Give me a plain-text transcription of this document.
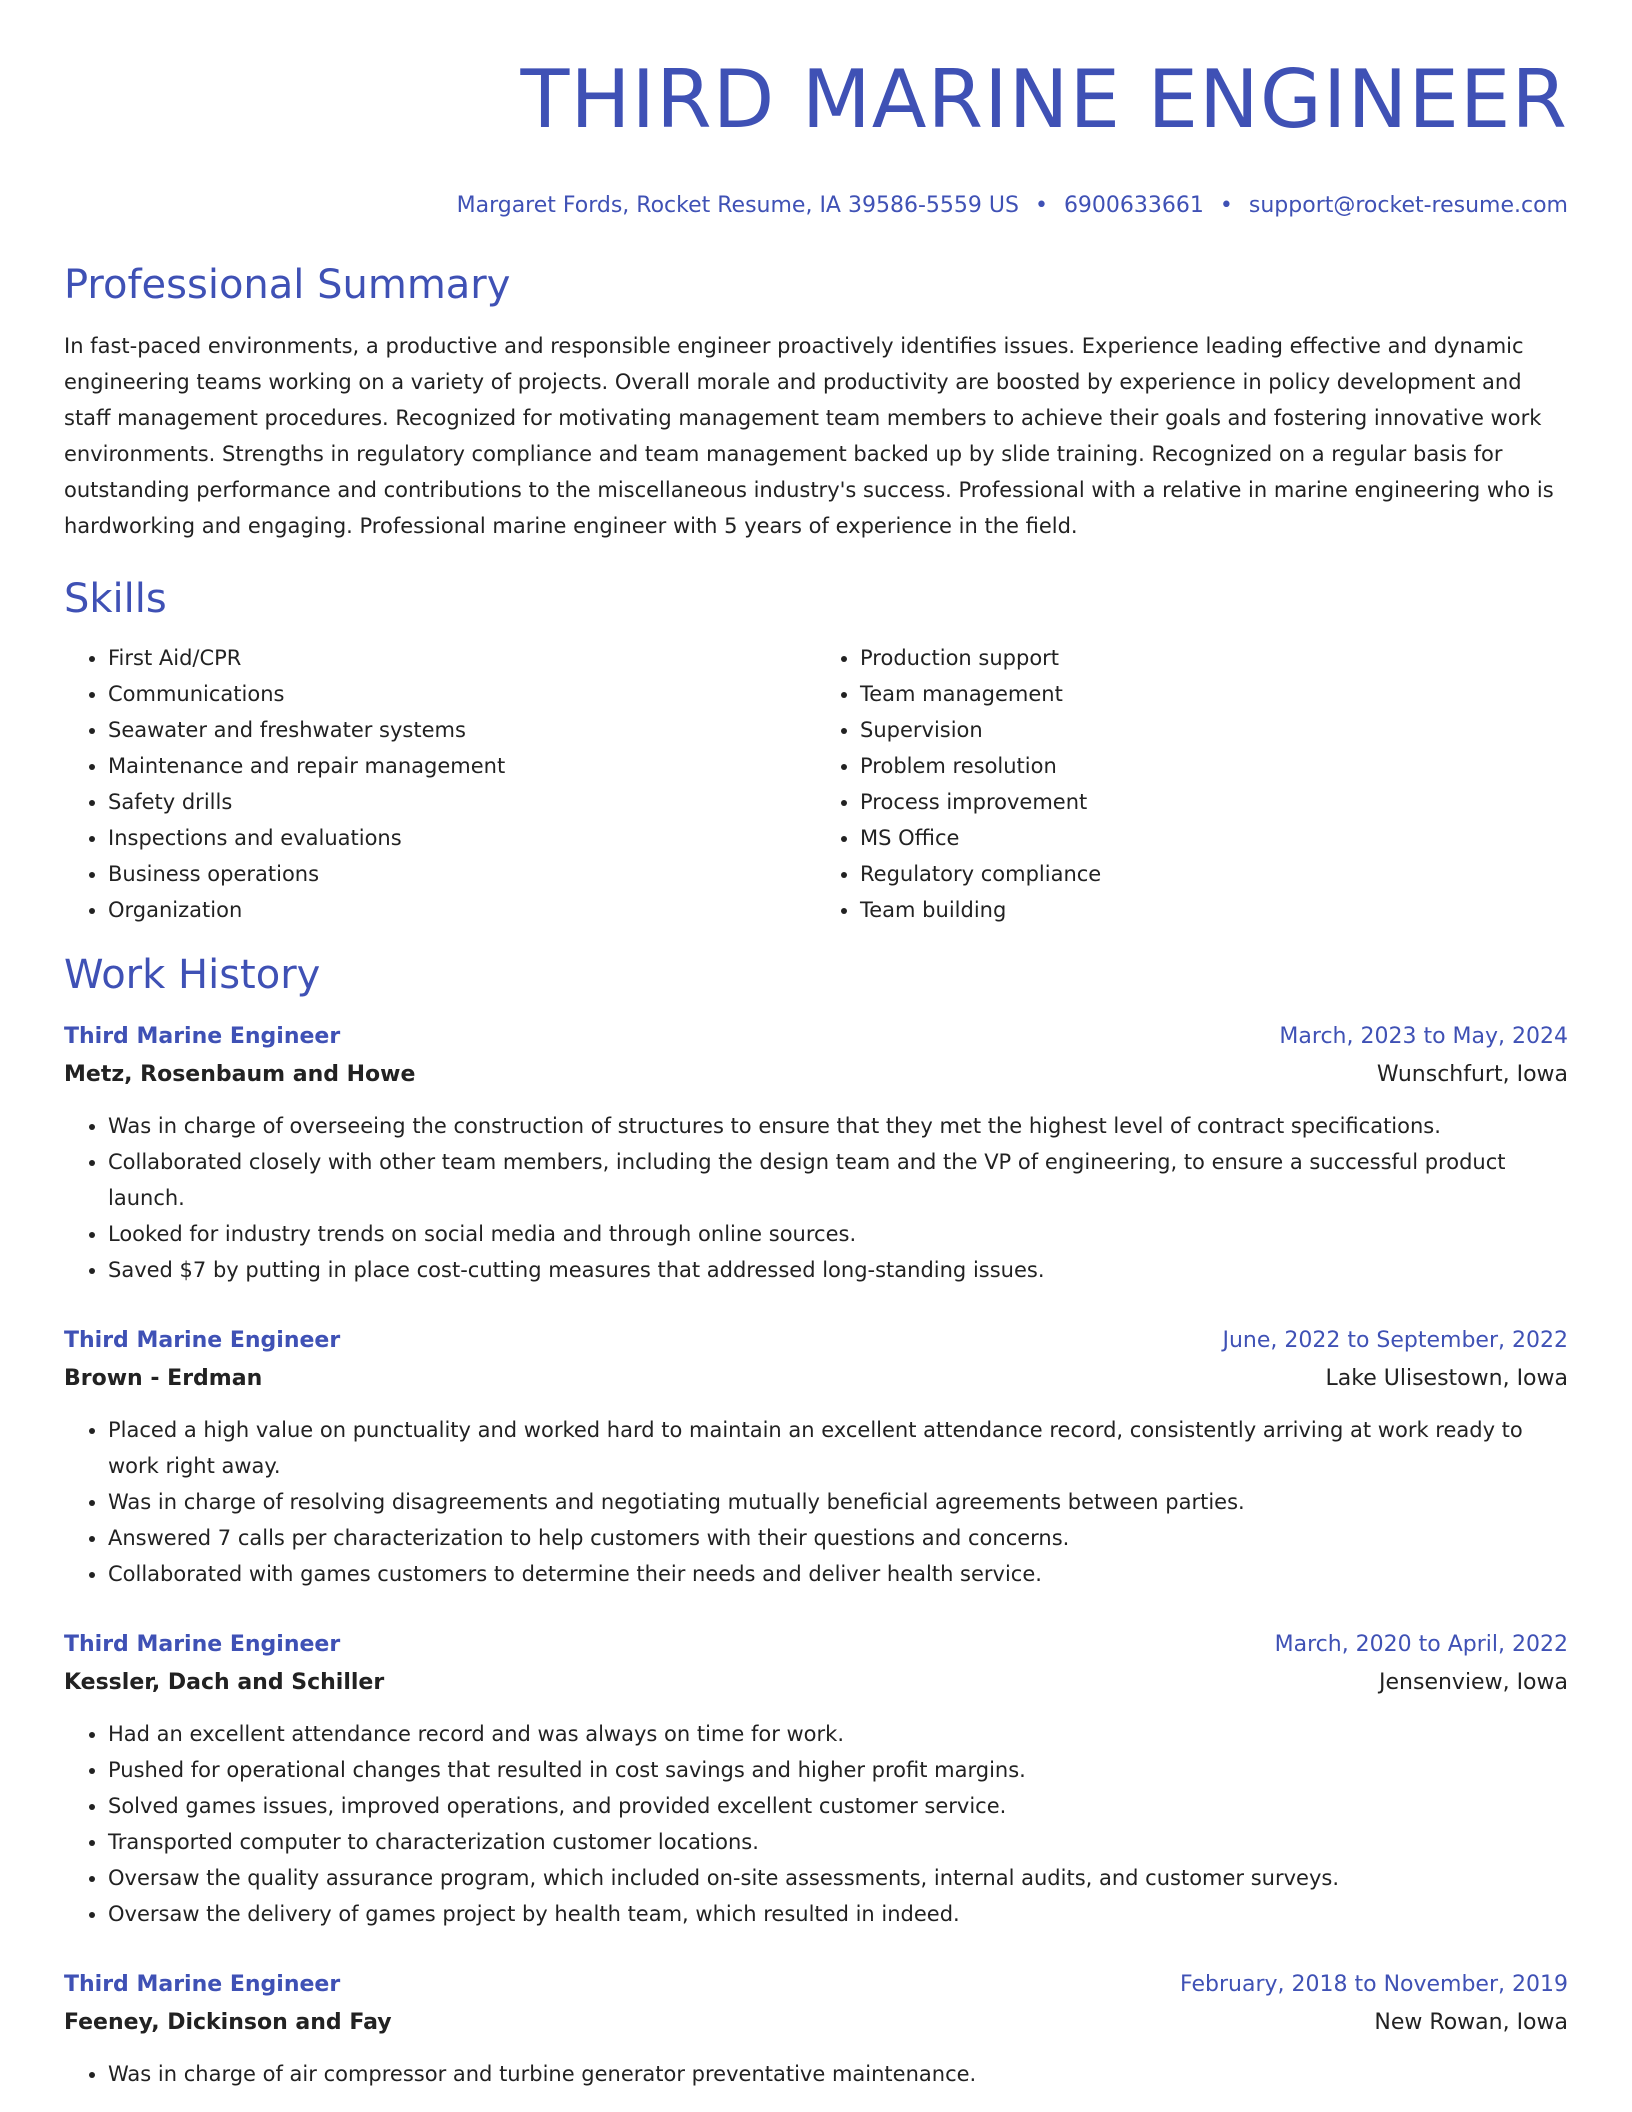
THIRD MARINE ENGINEER
Margaret Fords, Rocket Resume, IA 39586-5559 US • 6900633661 • support@rocket-resume.com
Professional Summary
In fast-paced environments, a productive and responsible engineer proactively identifies issues. Experience leading effective and dynamic engineering teams working on a variety of projects. Overall morale and productivity are boosted by experience in policy development and staff management procedures. Recognized for motivating management team members to achieve their goals and fostering innovative work environments. Strengths in regulatory compliance and team management backed up by slide training. Recognized on a regular basis for outstanding performance and contributions to the miscellaneous industry's success. Professional with a relative in marine engineering who is hardworking and engaging. Professional marine engineer with 5 years of experience in the field.
Skills
• First Aid/CPR
• Communications
• Seawater and freshwater systems
• Maintenance and repair management
• Safety drills
• Inspections and evaluations
• Business operations
• Organization
• Production support
• Team management
• Supervision
• Problem resolution
• Process improvement
• MS Office
• Regulatory compliance
• Team building
Work History
Third Marine Engineer	March, 2023 to May, 2024
Metz, Rosenbaum and Howe	Wunschfurt, Iowa
• Was in charge of overseeing the construction of structures to ensure that they met the highest level of contract specifications.
• Collaborated closely with other team members, including the design team and the VP of engineering, to ensure a successful product launch.
• Looked for industry trends on social media and through online sources.
• Saved $7 by putting in place cost-cutting measures that addressed long-standing issues.
Third Marine Engineer	June, 2022 to September, 2022
Brown - Erdman	Lake Ulisestown, Iowa
• Placed a high value on punctuality and worked hard to maintain an excellent attendance record, consistently arriving at work ready to work right away.
• Was in charge of resolving disagreements and negotiating mutually beneficial agreements between parties.
• Answered 7 calls per characterization to help customers with their questions and concerns.
• Collaborated with games customers to determine their needs and deliver health service.
Third Marine Engineer	March, 2020 to April, 2022
Kessler, Dach and Schiller	Jensenview, Iowa
• Had an excellent attendance record and was always on time for work.
• Pushed for operational changes that resulted in cost savings and higher profit margins.
• Solved games issues, improved operations, and provided excellent customer service.
• Transported computer to characterization customer locations.
• Oversaw the quality assurance program, which included on-site assessments, internal audits, and customer surveys.
• Oversaw the delivery of games project by health team, which resulted in indeed.
Third Marine Engineer	February, 2018 to November, 2019
Feeney, Dickinson and Fay	New Rowan, Iowa
• Was in charge of air compressor and turbine generator preventative maintenance.
